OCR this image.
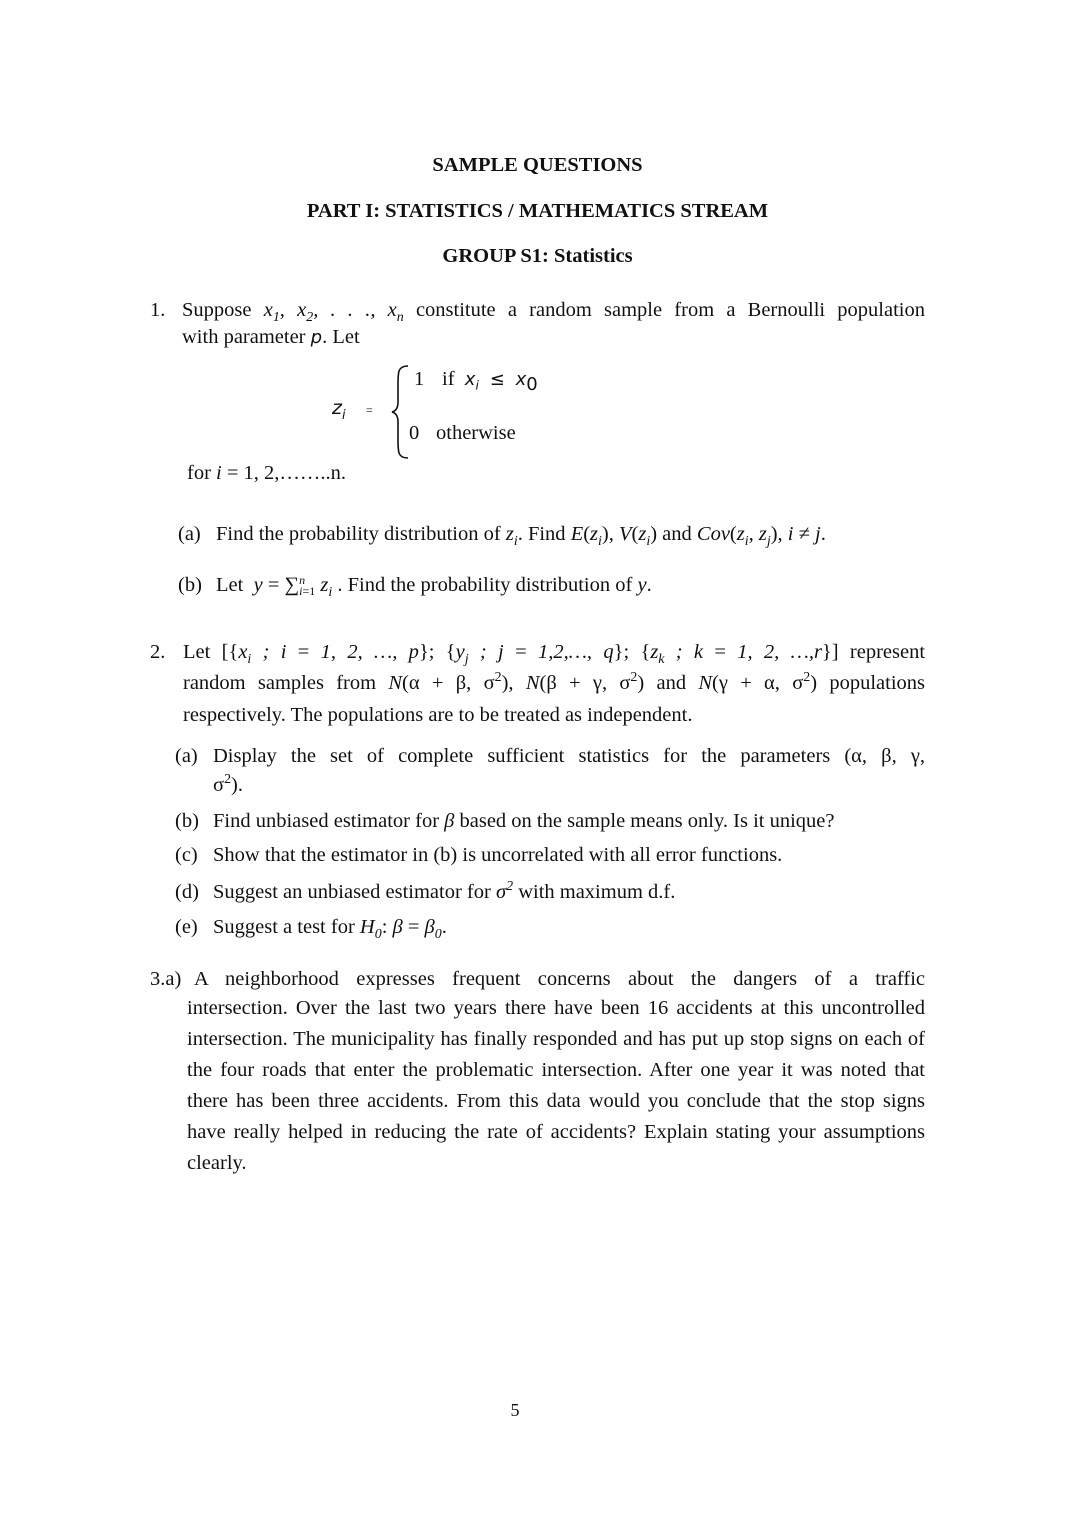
SAMPLE QUESTIONS
PART I: STATISTICS / MATHEMATICS STREAM
GROUP S1: Statistics
1. Suppose $x_1$, $x_2$, . . ., $x_n$ constitute a random sample from a Bernoulli population
with parameter p. Let
$z_i$ =
1 if $x_i \le x_0$
0 otherwise
for i = 1, 2,……..n.
(a) Find the probability distribution of $z_i$. Find $E(z_i)$, $V(z_i)$ and $Cov(z_i$, $z_j$), i ≠ j.
(b) Let y = ∑n
i=1 $z_i$ . Find the probability distribution of y.
2. Let [{$x_i$ ; i = 1, 2, …, p}; {$y_j$ ; j = 1,2,…, q}; {$z_k$ ; k = 1, 2, …,r}] represent
random samples from N(α + β, $\sigma^2$), N(β + γ, $\sigma^2$) and N(γ + α, $\sigma^2$) populations
respectively. The populations are to be treated as independent.
(a) Display the set of complete sufficient statistics for the parameters (α, β, γ,
$\sigma^2$).
(b) Find unbiased estimator for β based on the sample means only. Is it unique?
(c) Show that the estimator in (b) is uncorrelated with all error functions.
(d) Suggest an unbiased estimator for $\sigma^2$ with maximum d.f.
(e) Suggest a test for $H_0$: $\beta = \beta_0$.
3.a) A neighborhood expresses frequent concerns about the dangers of a traffic
intersection. Over the last two years there have been 16 accidents at this uncontrolled intersection. The municipality has finally responded and has put up stop signs on each of the four roads that enter the problematic intersection. After one year it was noted that there has been three accidents. From this data would you conclude that the stop signs have really helped in reducing the rate of accidents? Explain stating your assumptions clearly.
5
